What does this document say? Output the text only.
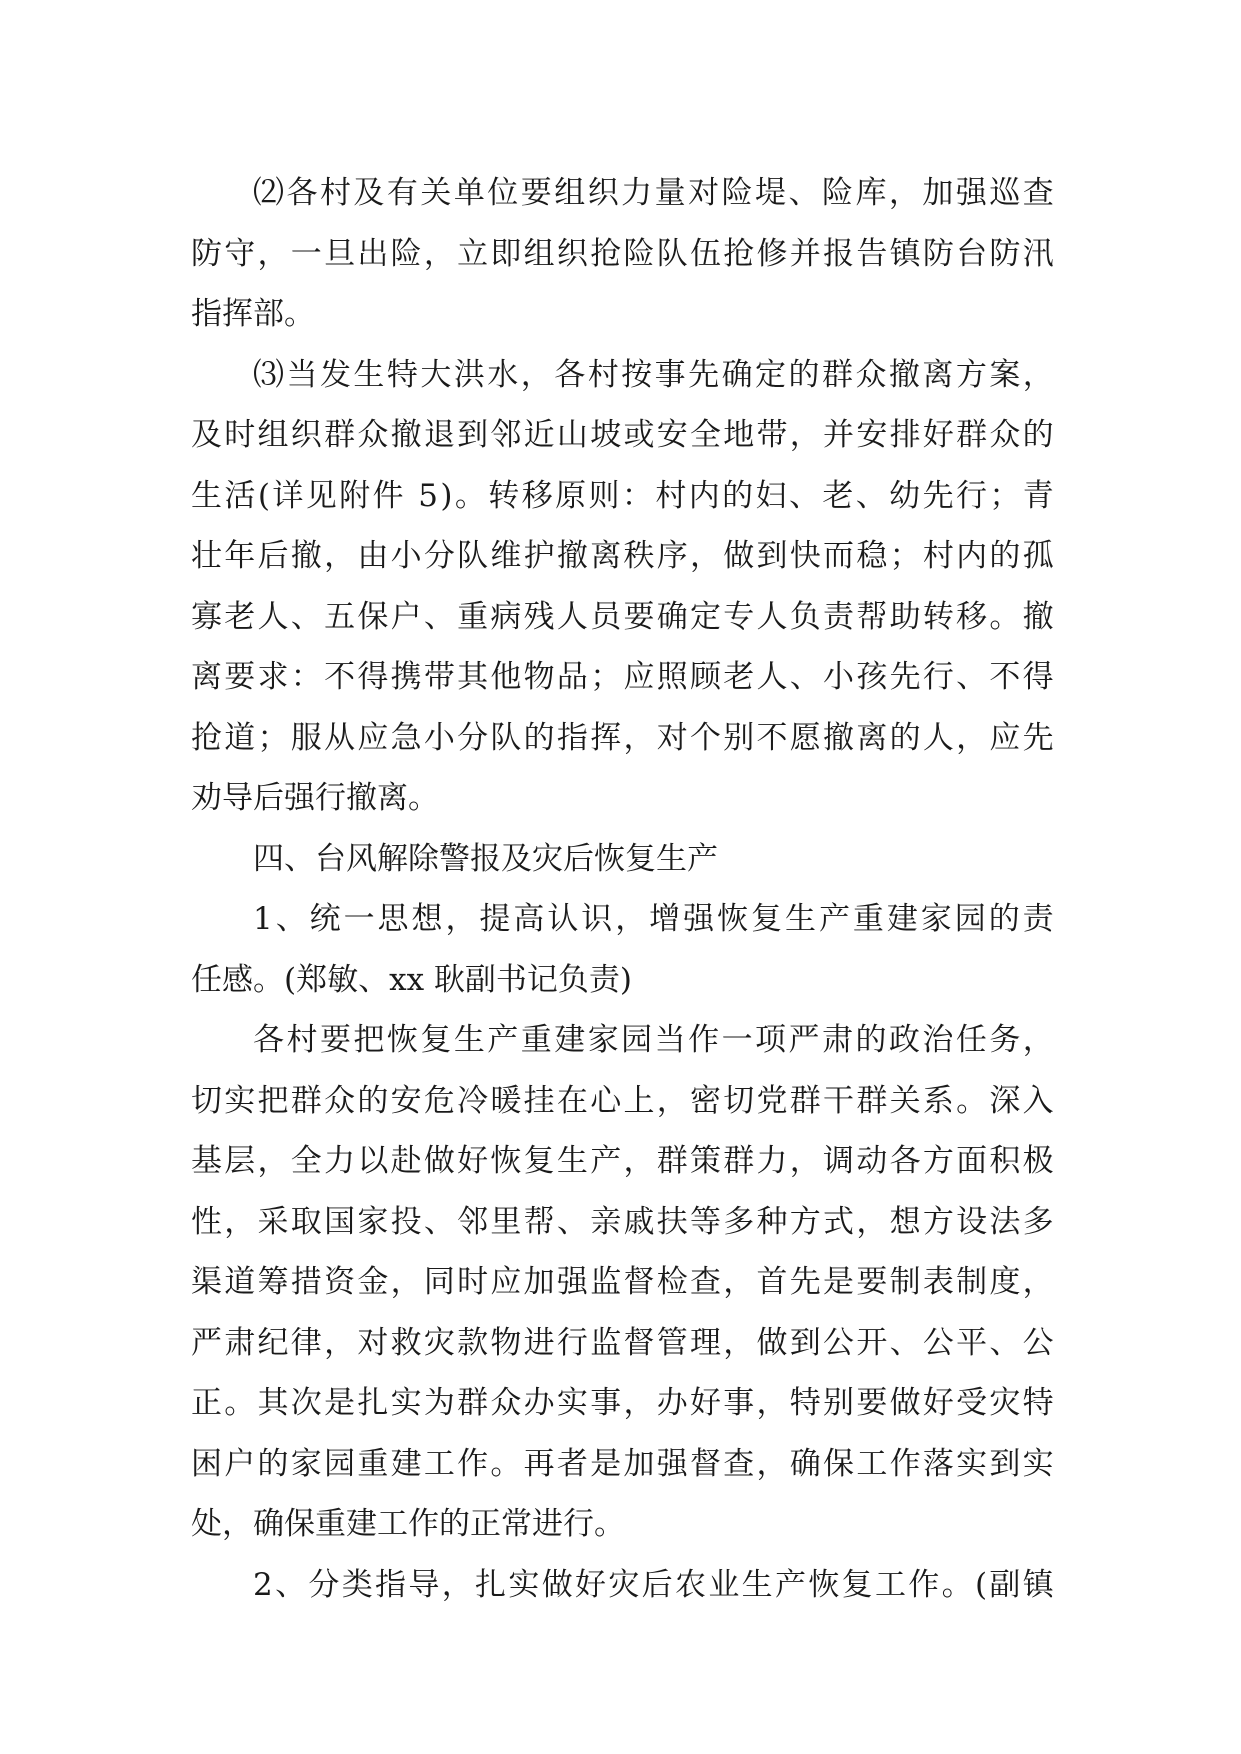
⑵ 各 村 及 有 关 单 位 要 组 织 力 量 对 险 堤 、 险 库 ， 加 强 巡 查
防 守 ， 一 旦 出 险 ， 立 即 组 织 抢 险 队 伍 抢 修 并 报 告 镇 防 台 防 汛
指挥部。
⑶ 当 发 生 特 大 洪 水 ， 各 村 按 事 先 确 定 的 群 众 撤 离 方 案 ，
及 时 组 织 群 众 撤 退 到 邻 近 山 坡 或 安 全 地 带 ， 并 安 排 好 群 众 的
生 活 ( 详 见 附 件
5 ) 。 转 移 原 则 ： 村 内 的 妇 、 老 、 幼 先 行 ； 青
壮 年 后 撤 ， 由 小 分 队 维 护 撤 离 秩 序 ， 做 到 快 而 稳 ； 村 内 的 孤
寡 老 人 、 五 保 户 、 重 病 残 人 员 要 确 定 专 人 负 责 帮 助 转 移 。 撤
离 要 求 ： 不 得 携 带 其 他 物 品 ； 应 照 顾 老 人 、 小 孩 先 行 、 不 得
抢 道 ； 服 从 应 急 小 分 队 的 指 挥 ， 对 个 别 不 愿 撤 离 的 人 ， 应 先
劝导后强行撤离。
四、台风解除警报及灾后恢复生产
1 、 统 一 思 想 ， 提 高 认 识 ， 增 强 恢 复 生 产 重 建 家 园 的 责
任感。(郑敏、xx 耿副书记负责)
各 村 要 把 恢 复 生 产 重 建 家 园 当 作 一 项 严 肃 的 政 治 任 务 ，
切 实 把 群 众 的 安 危 冷 暖 挂 在 心 上 ， 密 切 党 群 干 群 关 系 。 深 入
基 层 ， 全 力 以 赴 做 好 恢 复 生 产 ， 群 策 群 力 ， 调 动 各 方 面 积 极
性 ， 采 取 国 家 投 、 邻 里 帮 、 亲 戚 扶 等 多 种 方 式 ， 想 方 设 法 多
渠 道 筹 措 资 金 ， 同 时 应 加 强 监 督 检 查 ， 首 先 是 要 制 表 制 度 ，
严 肃 纪 律 ， 对 救 灾 款 物 进 行 监 督 管 理 ， 做 到 公 开 、 公 平 、 公
正 。 其 次 是 扎 实 为 群 众 办 实 事 ， 办 好 事 ， 特 别 要 做 好 受 灾 特
困 户 的 家 园 重 建 工 作 。 再 者 是 加 强 督 查 ， 确 保 工 作 落 实 到 实
处，确保重建工作的正常进行。
2 、 分 类 指 导 ， 扎 实 做 好 灾 后 农 业 生 产 恢 复 工 作 。 ( 副 镇
